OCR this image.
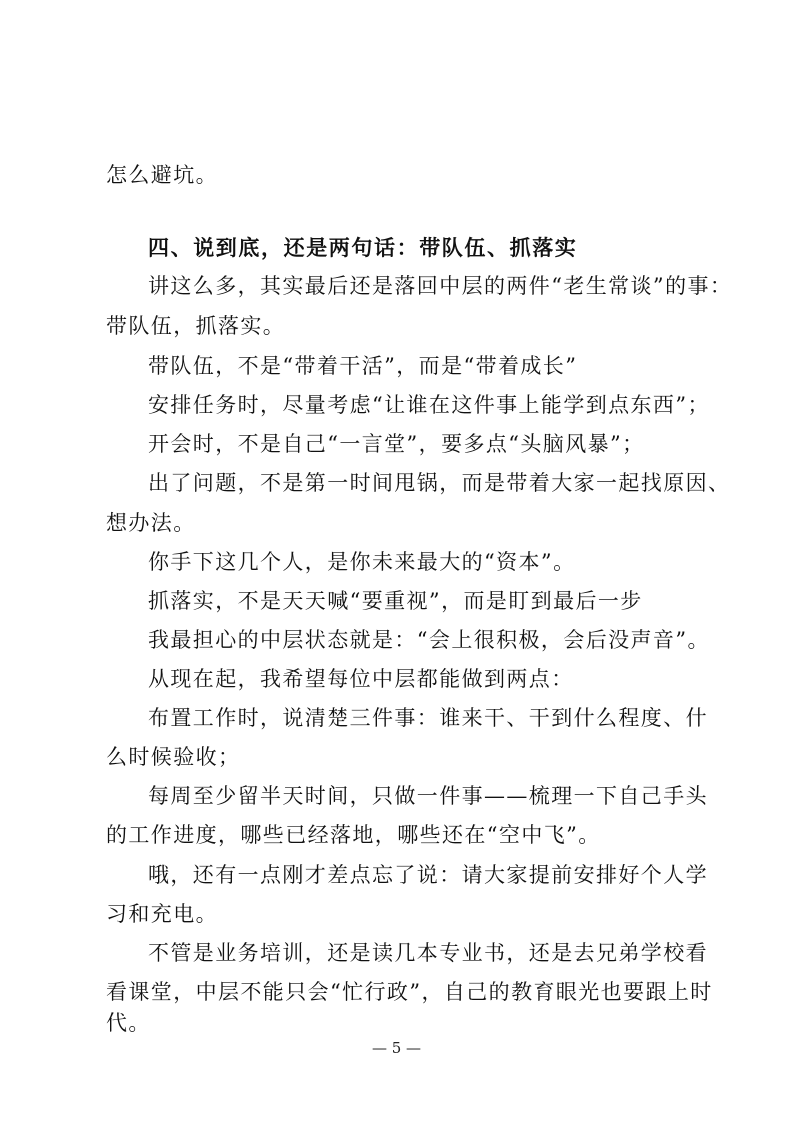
怎么避坑。
四、说到底，还是两句话：带队伍、抓落实
讲这么多，其实最后还是落回中层的两件“老生常谈”的事：
带队伍，抓落实。
带队伍，不是“带着干活”，而是“带着成长”
安排任务时，尽量考虑“让谁在这件事上能学到点东西”；
开会时，不是自己“一言堂”，要多点“头脑风暴”；
出了问题，不是第一时间甩锅，而是带着大家一起找原因、
想办法。
你手下这几个人，是你未来最大的“资本”。
抓落实，不是天天喊“要重视”，而是盯到最后一步
我最担心的中层状态就是：“会上很积极，会后没声音”。
从现在起，我希望每位中层都能做到两点：
布置工作时，说清楚三件事：谁来干、干到什么程度、什
么时候验收；
每周至少留半天时间，只做一件事——梳理一下自己手头
的工作进度，哪些已经落地，哪些还在“空中飞”。
哦，还有一点刚才差点忘了说：请大家提前安排好个人学
习和充电。
不管是业务培训，还是读几本专业书，还是去兄弟学校看
看课堂，中层不能只会“忙行政”，自己的教育眼光也要跟上时
代。
— 5 —
